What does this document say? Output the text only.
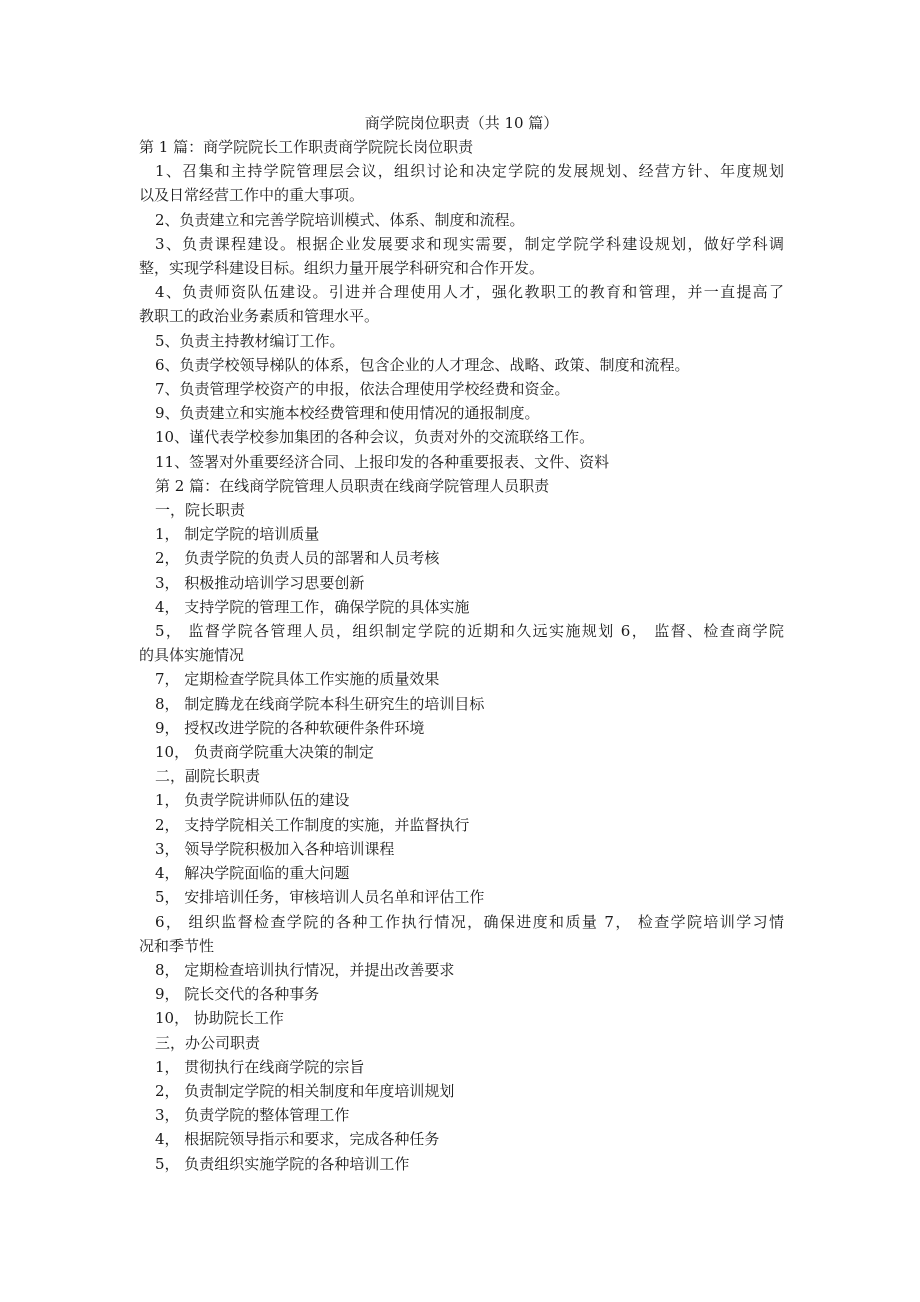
商学院岗位职责（共 10 篇）
第 1 篇：商学院院长工作职责商学院院长岗位职责
1、召集和主持学院管理层会议，组织讨论和决定学院的发展规划、经营方针、年度规划
以及日常经营工作中的重大事项。
2、负责建立和完善学院培训模式、体系、制度和流程。
3、负责课程建设。根据企业发展要求和现实需要，制定学院学科建设规划，做好学科调
整，实现学科建设目标。组织力量开展学科研究和合作开发。
4、负责师资队伍建设。引进并合理使用人才，强化教职工的教育和管理，并一直提高了
教职工的政治业务素质和管理水平。
5、负责主持教材编订工作。
6、负责学校领导梯队的体系，包含企业的人才理念、战略、政策、制度和流程。
7、负责管理学校资产的申报，依法合理使用学校经费和资金。
9、负责建立和实施本校经费管理和使用情况的通报制度。
10、谨代表学校参加集团的各种会议，负责对外的交流联络工作。
11、签署对外重要经济合同、上报印发的各种重要报表、文件、资料
第 2 篇：在线商学院管理人员职责在线商学院管理人员职责
一，院长职责
1， 制定学院的培训质量
2， 负责学院的负责人员的部署和人员考核
3， 积极推动培训学习思要创新
4， 支持学院的管理工作，确保学院的具体实施
5， 监督学院各管理人员，组织制定学院的近期和久远实施规划 6， 监督、检查商学院
的具体实施情况
7， 定期检查学院具体工作实施的质量效果
8， 制定腾龙在线商学院本科生研究生的培训目标
9， 授权改进学院的各种软硬件条件环境
10， 负责商学院重大决策的制定
二，副院长职责
1， 负责学院讲师队伍的建设
2， 支持学院相关工作制度的实施，并监督执行
3， 领导学院积极加入各种培训课程
4， 解决学院面临的重大问题
5， 安排培训任务，审核培训人员名单和评估工作
6， 组织监督检查学院的各种工作执行情况，确保进度和质量 7， 检查学院培训学习情
况和季节性
8， 定期检查培训执行情况，并提出改善要求
9， 院长交代的各种事务
10， 协助院长工作
三，办公司职责
1， 贯彻执行在线商学院的宗旨
2， 负责制定学院的相关制度和年度培训规划
3， 负责学院的整体管理工作
4， 根据院领导指示和要求，完成各种任务
5， 负责组织实施学院的各种培训工作
